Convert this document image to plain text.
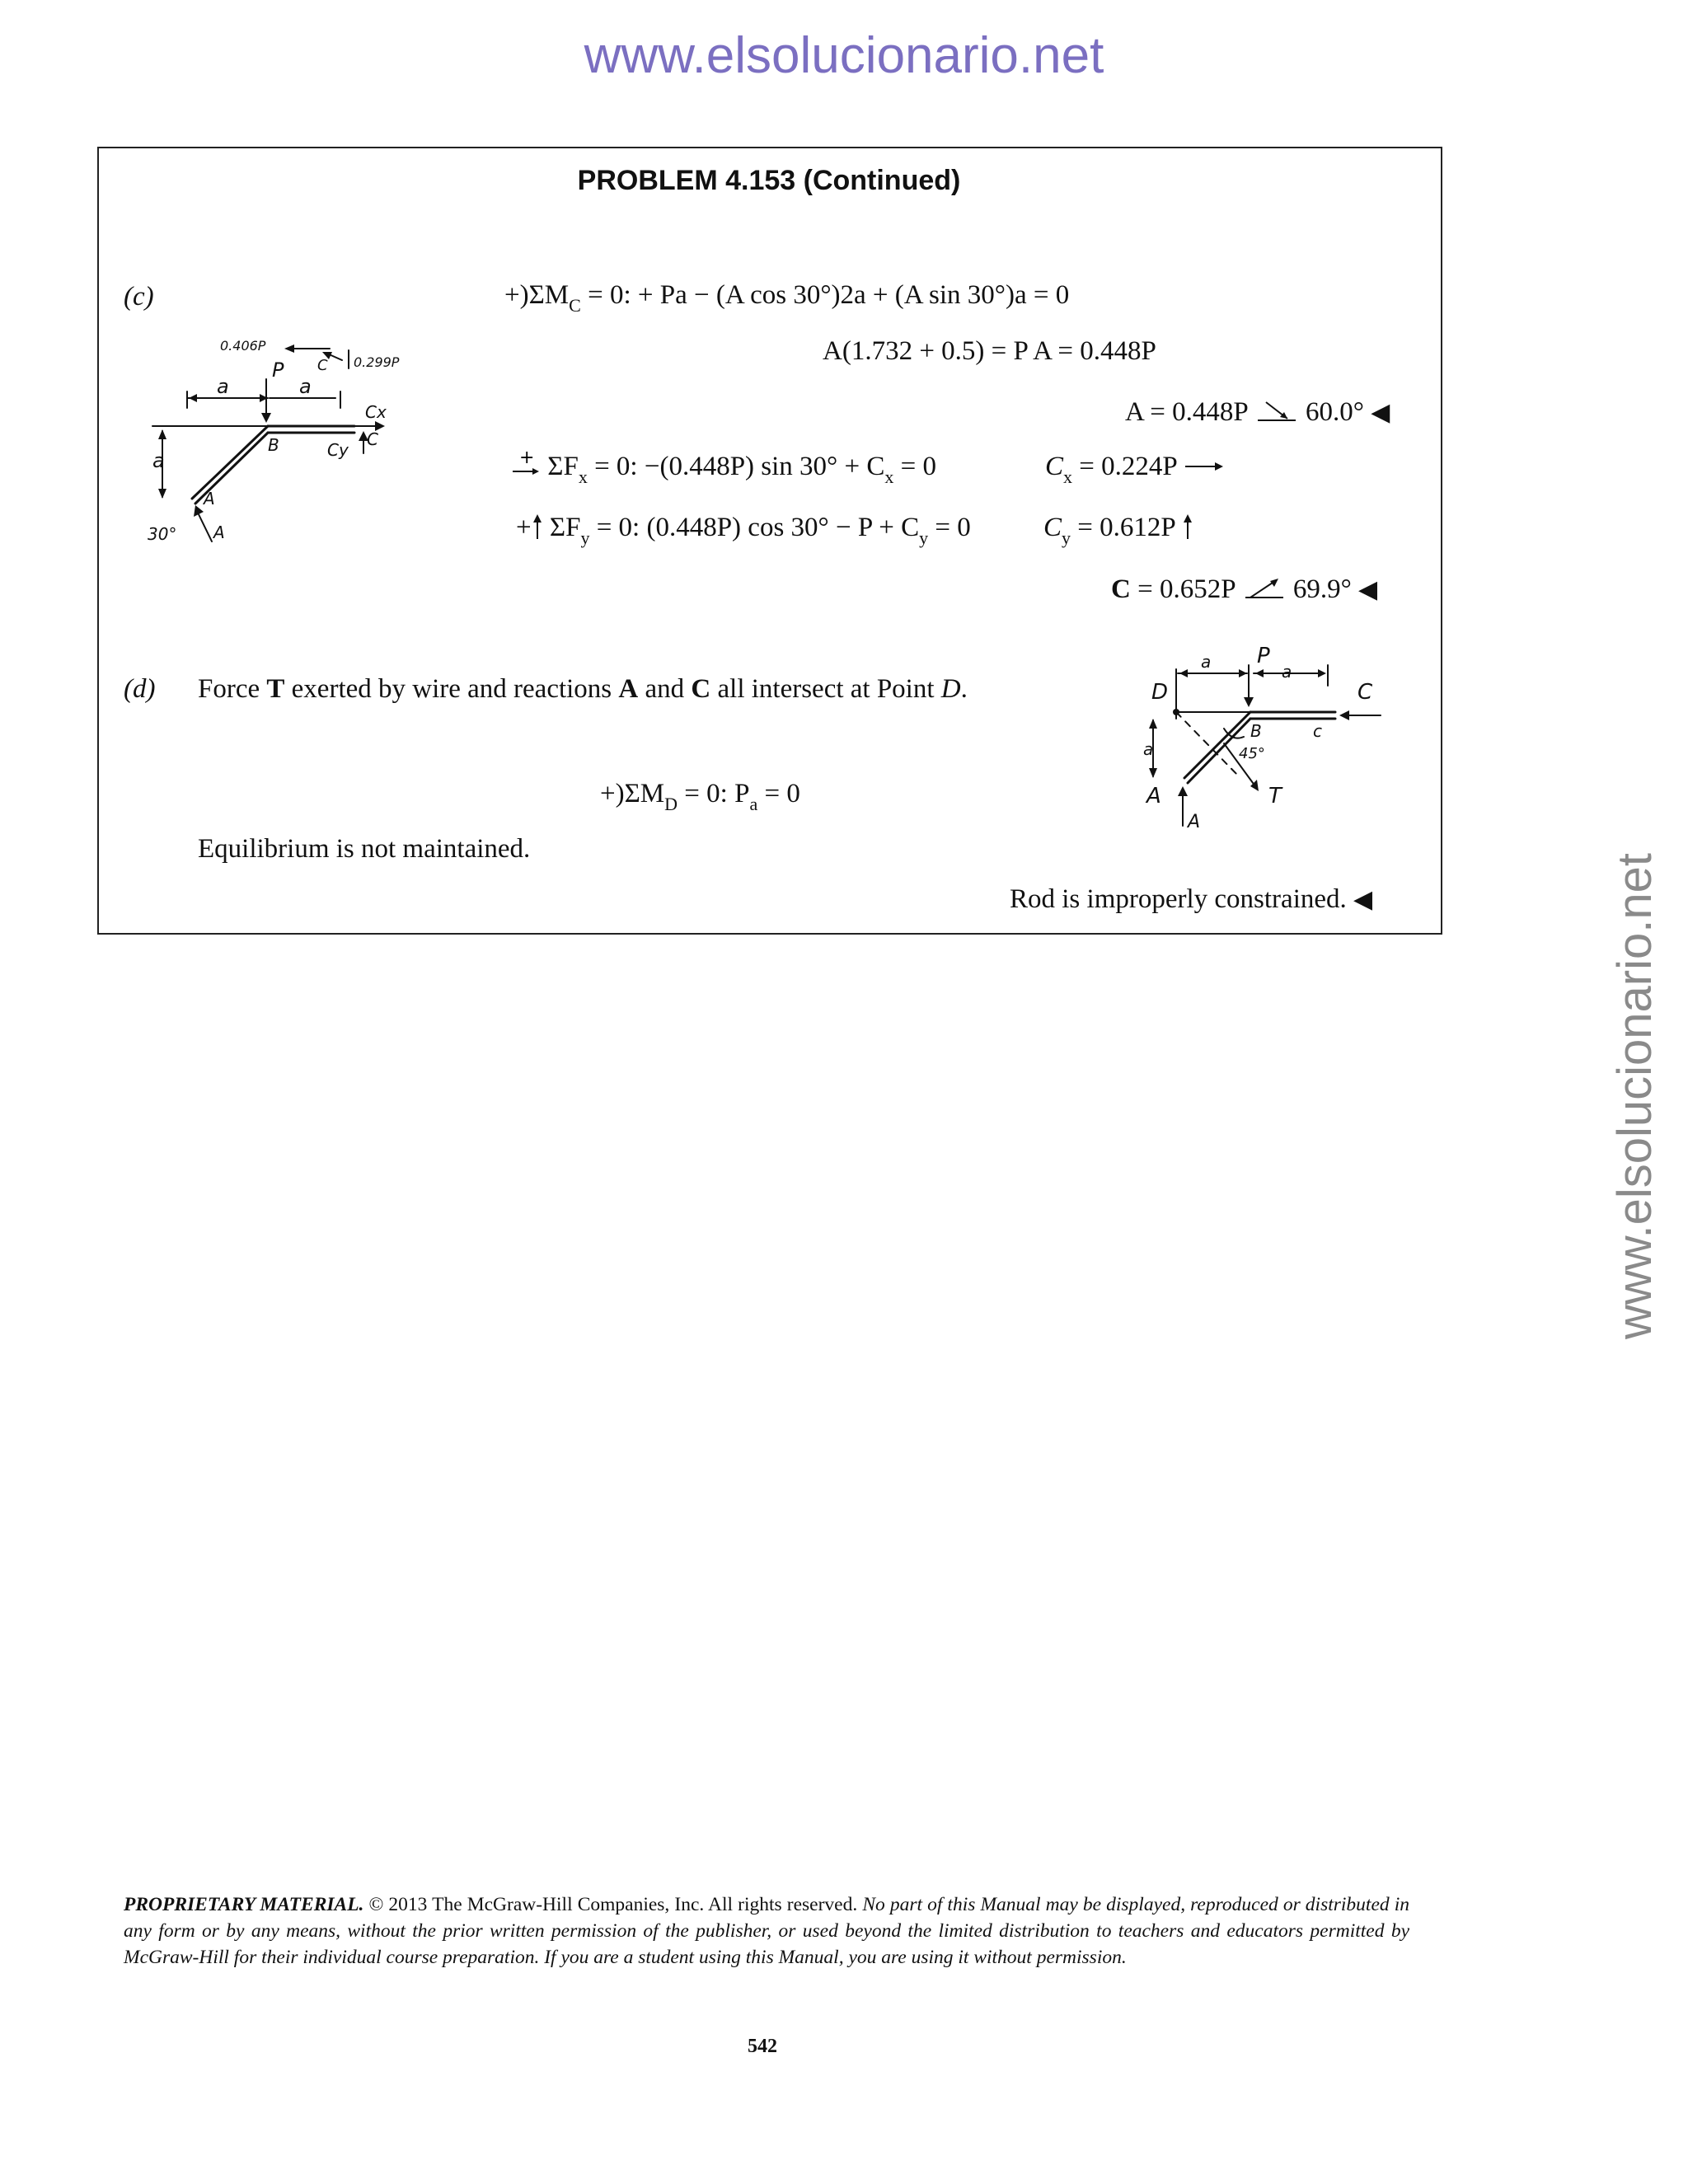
www.elsolucionario.net
www.elsolucionario.net
PROBLEM 4.153 (Continued)
(c)	$+)\Sigma M_C = 0$: + Pa − (A cos 30°)2a + (A sin 30°)a = 0
A(1.732 + 0.5) = P A = 0.448P
A = 0.448P 60.0° ◀
+ $\Sigma F_x = 0$: −(0.448P) $\sin 30^\circ + C_x = 0$	$C_x = 0.224P$
+ $\Sigma F_y = 0$: (0.448P) $\cos 30^\circ - P + C_y = 0$	$C_y = 0.612P$
C = 0.652P 69.9° ◀
a	a
P
B
Cx
Cy
C
a
A
A
30°
0.406P
0.299P
C
(d) Force T exerted by wire and reactions A and C all intersect at Point D.
$+)\Sigma M_D = 0$: $P_a = 0$
Equilibrium is not maintained.
Rod is improperly constrained. ◀
D
a P
a
C
B	c
45°
a
A	T
A
PROPRIETARY MATERIAL. © 2013 The McGraw-Hill Companies, Inc. All rights reserved. No part of this Manual may be displayed, reproduced or distributed in any form or by any means, without the prior written permission of the publisher, or used beyond the limited distribution to teachers and educators permitted by McGraw-Hill for their individual course preparation. If you are a student using this Manual, you are using it without permission.
542
